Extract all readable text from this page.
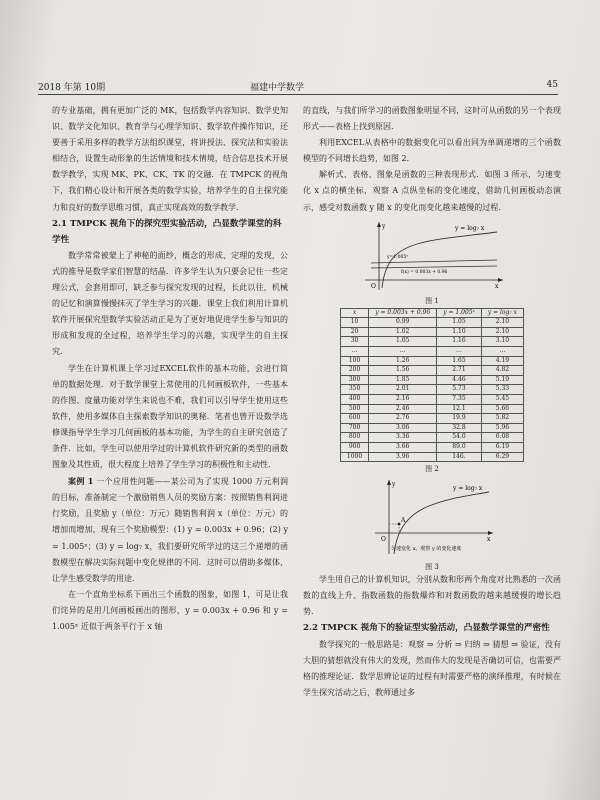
2018 年第 10期	福建中学数学	45

的专业基础，拥有更加广泛的 MK，包括数学内容知识、数学史知识、数学文化知识、教育学与心理学知识、数学软件操作知识，还要善于采用多样的教学方法组织课堂，将讲授法、探究法和实验法相结合，设置生动形象的生活情境和技术情境，结合信息技术开展数学教学，实现 MK、PK、CK、TK 的交融．在 TMPCK 的视角下，我们精心设计和开展各类的数学实验，培养学生的自主探究能力和良好的数学思维习惯，真正实现高效的数学教学．

2.1 TMPCK 视角下的探究型实验活动，凸显数学课堂的科学性

数学常常被蒙上了神秘的面纱，概念的形成、定理的发现，公式的推导是数学家们智慧的结晶．许多学生认为只要会记住一些定理公式，会套用即可，缺乏参与探究发现的过程，长此以往，机械的记忆和演算慢慢抹灭了学生学习的兴趣．课堂上我们利用计算机软件开展探究型数学实验活动正是为了更好地促进学生参与知识的形成和发现的全过程，培养学生学习的兴趣，实现学生的自主探究．

学生在计算机课上学习过EXCEL软件的基本功能，会进行简单的数据处理．对于数学课堂上常使用的几何画板软件，一些基本的作图、度量功能对学生来说也不难，我们可以引导学生使用这些软件，使用多媒体自主探索数学知识的奥秘．笔者也曾开设数学选修课指导学生学习几何画板的基本功能，为学生的自主研究创造了条件．比如，学生可以使用学过的计算机软件研究新的类型的函数图象及其性质，很大程度上培养了学生学习的积极性和主动性．

案例 1 一个应用性问题——某公司为了实现 1000 万元利润的目标，准备制定一个激励销售人员的奖励方案：按照销售利润进行奖励，且奖励 y（单位：万元）随销售利润 x（单位：万元）的增加而增加，现有三个奖励模型：(1) y = 0.003x + 0.96；(2) y = 1.005ˣ；(3) y = log₇ x，我们要研究所学过的这三个递增的函数模型在解决实际问题中变化规律的不同．这时可以借助多媒体，让学生感受数学的用途．

在一个直角坐标系下画出三个函数的图象，如图 1，可是让我们诧异的是用几何画板画出的图形，y = 0.003x + 0.96 和 y = 1.005ˣ 近似于两条平行于 x 轴

的直线，与我们所学习的函数图象明显不同，这时可从函数的另一个表现形式——表格上找到原因．

利用EXCEL从表格中的数据变化可以看出同为单调递增的三个函数模型的不同增长趋势，如图 2．

解析式、表格、图象是函数的三种表现形式．如图 3 所示，匀速变化 x 点的横坐标，观察 A 点纵坐标的变化速度，借助几何画板动态演示，感受对数函数 y 随 x 的变化而变化越来越慢的过程．

y = log₇ x
y=1.005ˣ
f(x) = 0.003x + 0.96
y
x
O
图 1
x	y = 0.003x + 0.96	y = 1.005ˣ	y = log₇ x
10	0.99	1.05	2.10
20	1.02	1.10	2.10
30	1.05	1.16	3.10
…	…	…	…
100	1.26	1.65	4.19
200	1.56	2.71	4.82
300	1.85	4.46	5.19
350	2.01	5.73	5.33
400	2.16	7.35	5.45
500	2.46	12.1	5.66
600	2.76	19.9	5.82
700	3.06	32.8	5.96
800	3.36	54.0	6.08
900	3.66	89.0	6.19
1000	3.96	146.	6.29
图 2
y = log₇ x
A
x
y
O
匀速变化 x，观察 y 的变化速度
图 3

学生用自己的计算机知识，分别从数和形两个角度对比熟悉的一次函数的直线上升、指数函数的指数爆炸和对数函数的越来越缓慢的增长趋势．

2.2 TMPCK 视角下的验证型实验活动，凸显数学课堂的严密性

数学探究的一般思路是：观察 ⇒ 分析 ⇒ 归纳 ⇒ 猜想 ⇒ 验证，没有大胆的猜想就没有伟大的发现，然而伟大的发现是否确切可信，也需要严格的推理论证．数学思辨论证的过程有时需要严格的演绎推理，有时候在学生探究活动之后，教师通过多
